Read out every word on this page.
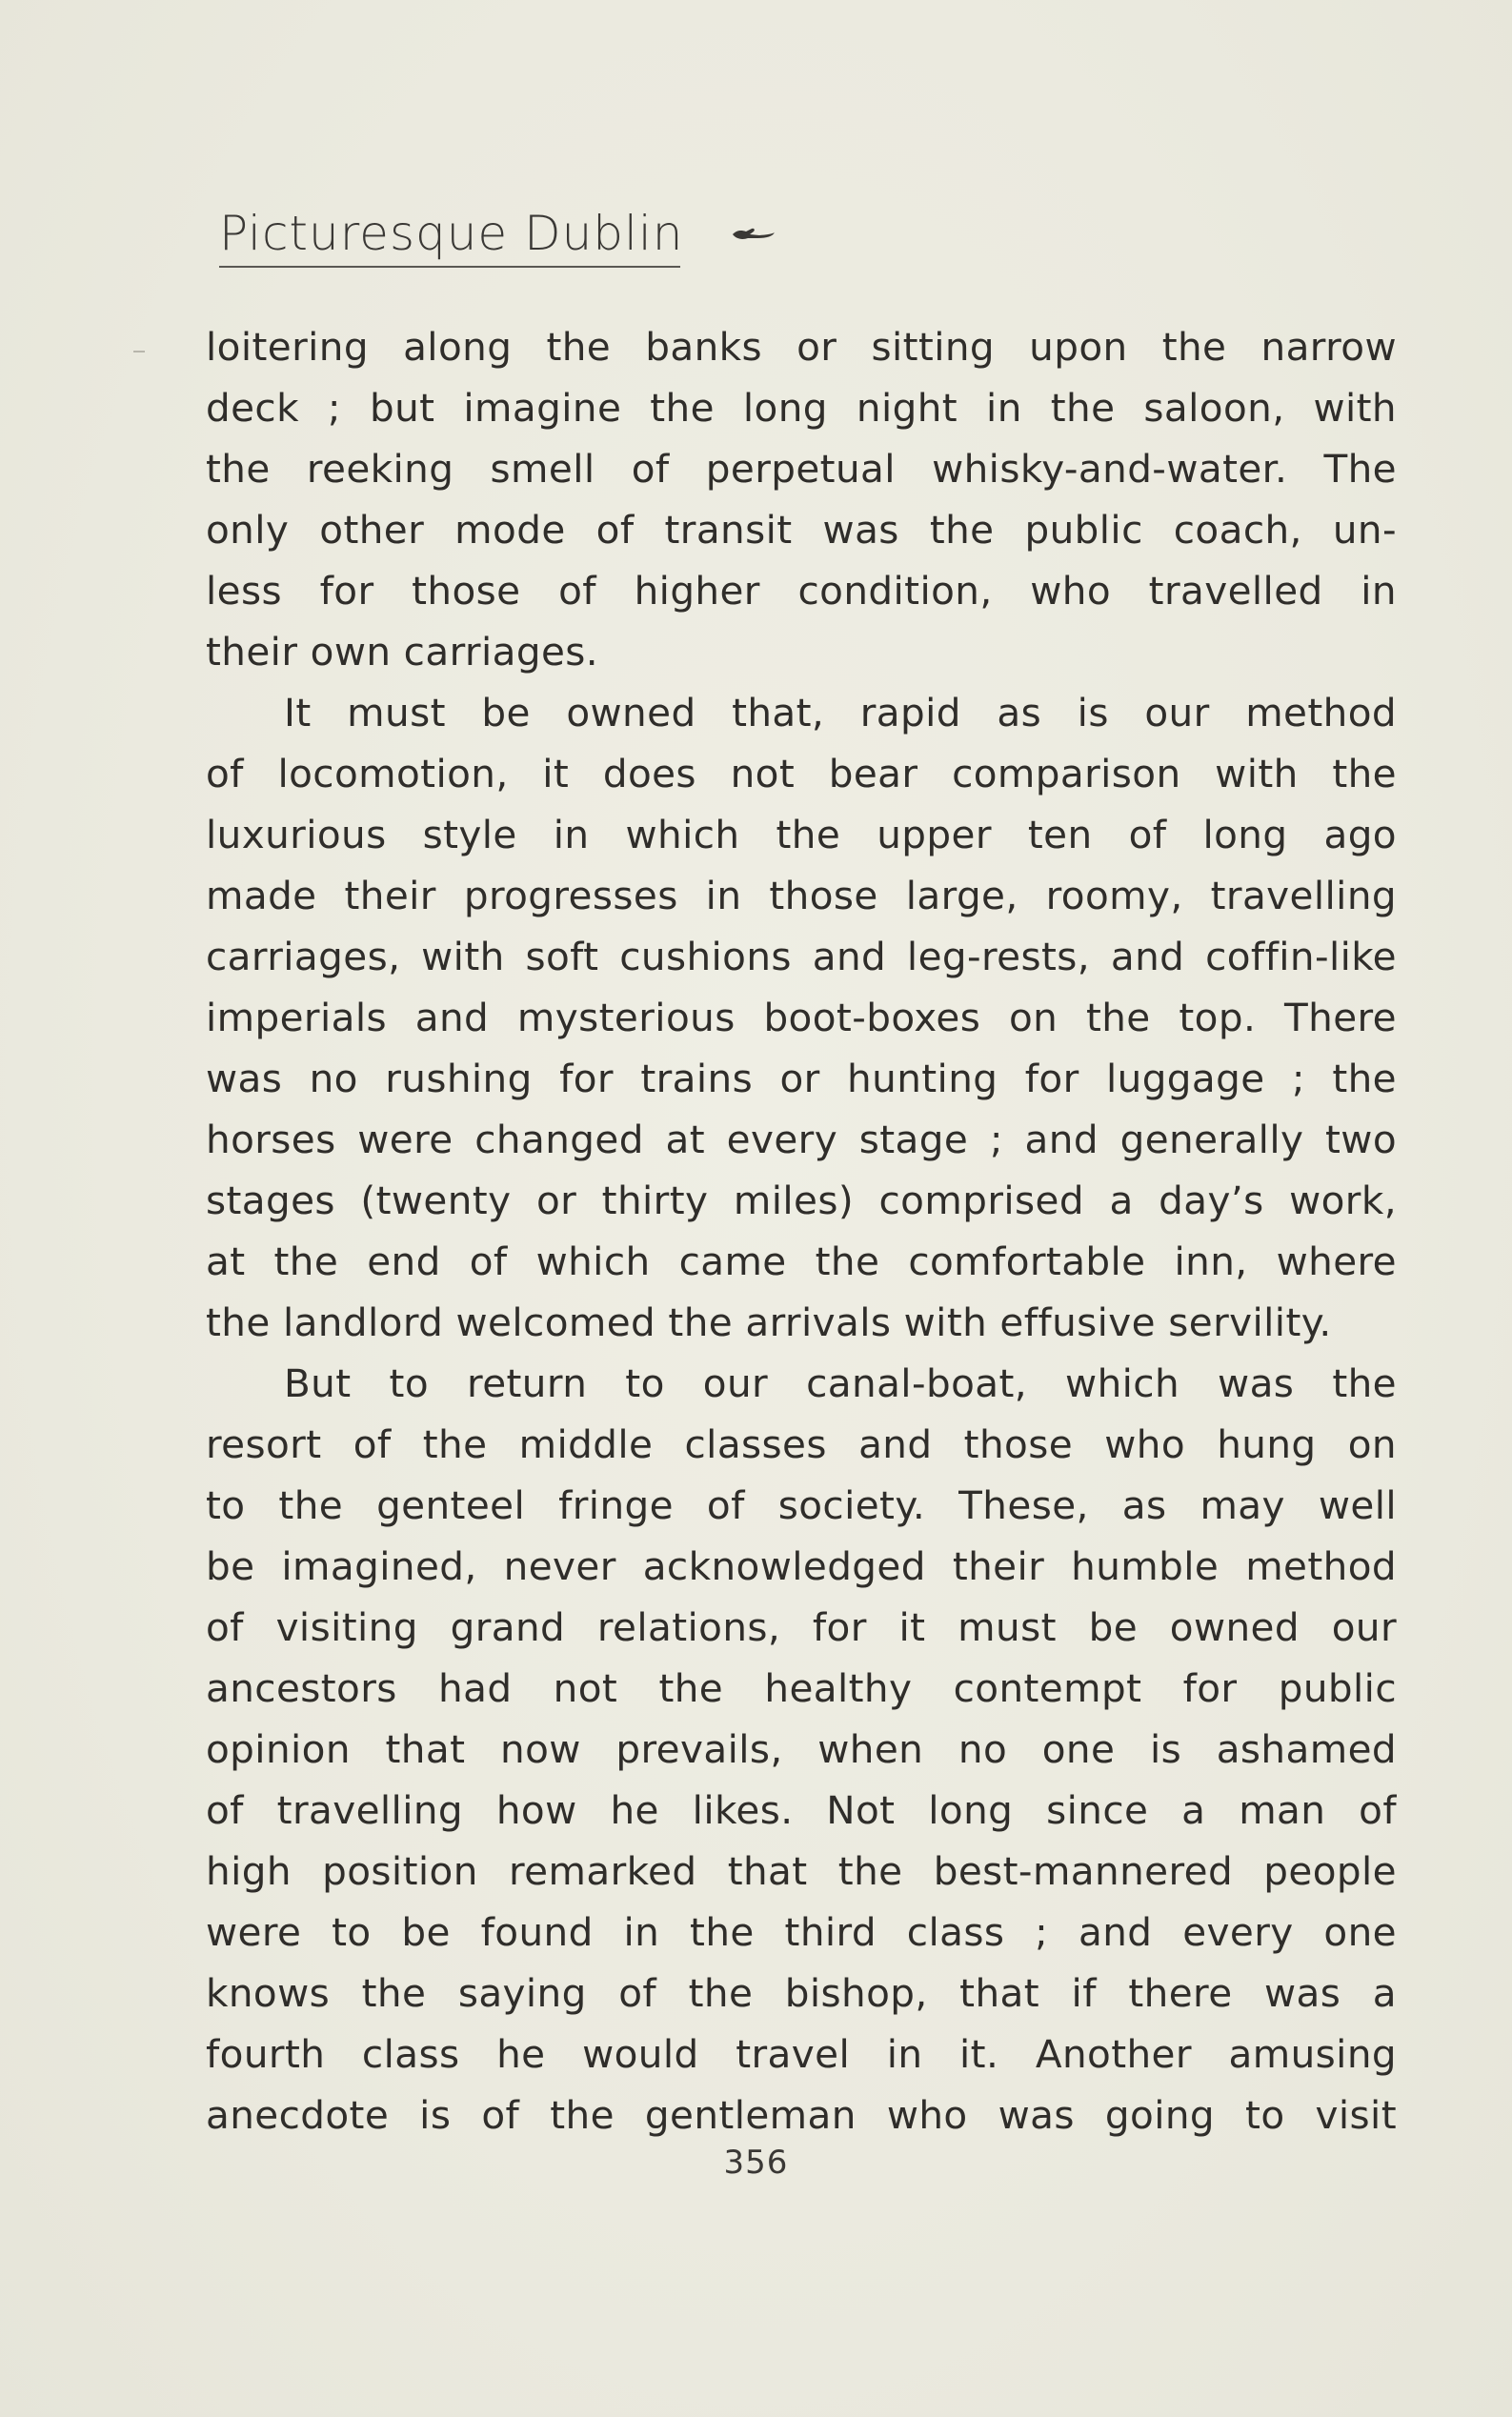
Picturesque Dublin
loitering along the banks or sitting upon the narrow
deck ; but imagine the long night in the saloon, with
the reeking smell of perpetual whisky-and-water. The
only other mode of transit was the public coach, un-
less for those of higher condition, who travelled in
their own carriages.
It must be owned that, rapid as is our method
of locomotion, it does not bear comparison with the
luxurious style in which the upper ten of long ago
made their progresses in those large, roomy, travelling
carriages, with soft cushions and leg-rests, and coffin-like
imperials and mysterious boot-boxes on the top. There
was no rushing for trains or hunting for luggage ; the
horses were changed at every stage ; and generally two
stages (twenty or thirty miles) comprised a day’s work,
at the end of which came the comfortable inn, where
the landlord welcomed the arrivals with effusive servility.
But to return to our canal-boat, which was the
resort of the middle classes and those who hung on
to the genteel fringe of society. These, as may well
be imagined, never acknowledged their humble method
of visiting grand relations, for it must be owned our
ancestors had not the healthy contempt for public
opinion that now prevails, when no one is ashamed
of travelling how he likes. Not long since a man of
high position remarked that the best-mannered people
were to be found in the third class ; and every one
knows the saying of the bishop, that if there was a
fourth class he would travel in it. Another amusing
anecdote is of the gentleman who was going to visit
356
